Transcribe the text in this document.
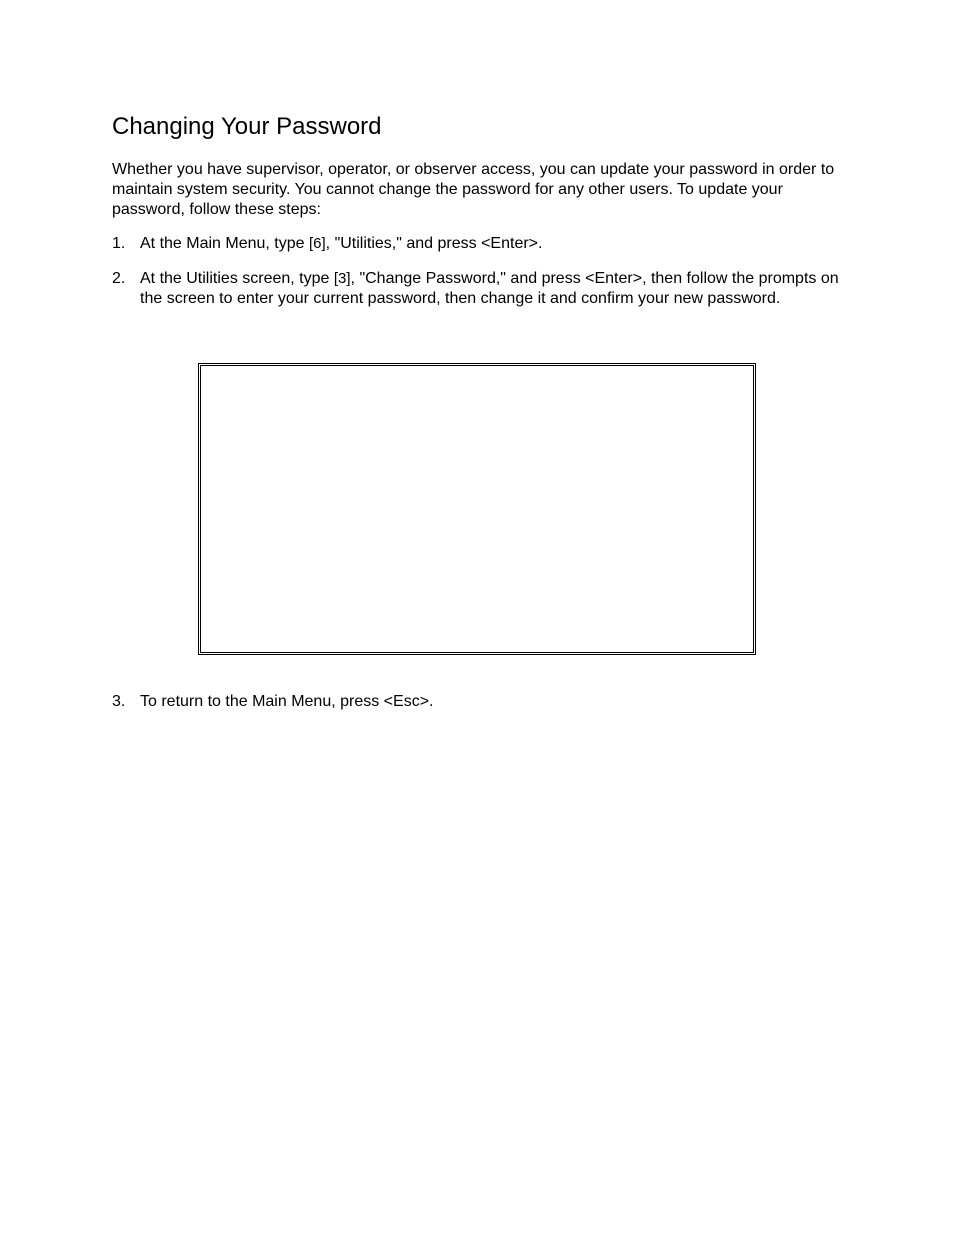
Changing Your Password

Whether you have supervisor, operator, or observer access, you can update your password in order to maintain system security. You cannot change the password for any other users. To update your password, follow these steps:

1. At the Main Menu, type [6], "Utilities," and press <Enter>.
2. At the Utilities screen, type [3], "Change Password," and press <Enter>, then follow the prompts on the screen to enter your current password, then change it and confirm your new password.
3. To return to the Main Menu, press <Esc>.
